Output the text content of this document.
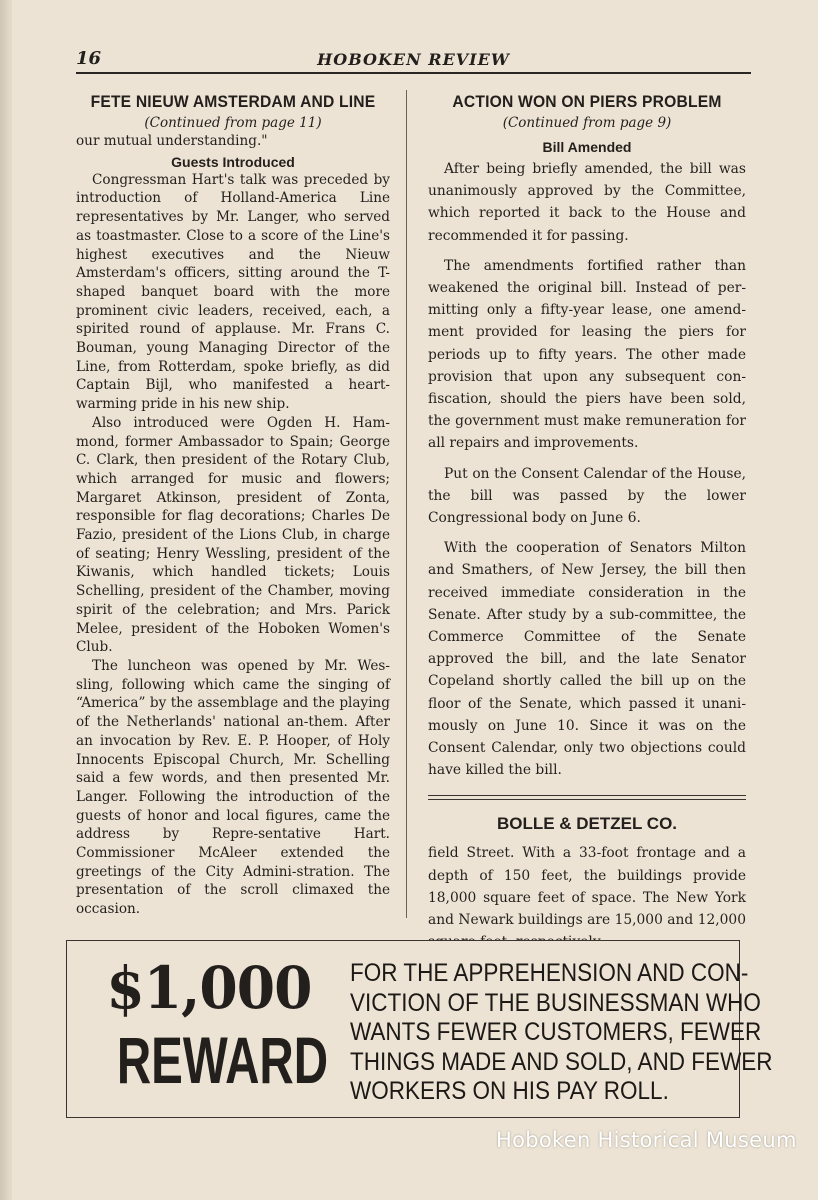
16	HOBOKEN REVIEW
FETE NIEUW AMSTERDAM AND LINE
(Continued from page 11)

our mutual understanding."

Guests Introduced

Congressman Hart's talk was preceded by introduction of Holland-America Line representatives by Mr. Langer, who served as toastmaster. Close to a score of the Line's highest executives and the Nieuw Amsterdam's officers, sitting around the T-shaped banquet board with the more prominent civic leaders, received, each, a spirited round of applause. Mr. Frans C. Bouman, young Managing Director of the Line, from Rotterdam, spoke briefly, as did Captain Bijl, who manifested a heart-warming pride in his new ship.

Also introduced were Ogden H. Ham-mond, former Ambassador to Spain; George C. Clark, then president of the Rotary Club, which arranged for music and flowers; Margaret Atkinson, president of Zonta, responsible for flag decorations; Charles De Fazio, president of the Lions Club, in charge of seating; Henry Wessling, president of the Kiwanis, which handled tickets; Louis Schelling, president of the Chamber, moving spirit of the celebration; and Mrs. Parick Melee, president of the Hoboken Women's Club.

The luncheon was opened by Mr. Wes-sling, following which came the singing of “America” by the assemblage and the playing of the Netherlands' national an-them. After an invocation by Rev. E. P. Hooper, of Holy Innocents Episcopal Church, Mr. Schelling said a few words, and then presented Mr. Langer. Following the introduction of the guests of honor and local figures, came the address by Repre-sentative Hart. Commissioner McAleer extended the greetings of the City Admini-stration. The presentation of the scroll climaxed the occasion.

ACTION WON ON PIERS PROBLEM
(Continued from page 9)
Bill Amended

After being briefly amended, the bill was unanimously approved by the Committee, which reported it back to the House and recommended it for passing.

The amendments fortified rather than weakened the original bill. Instead of per-mitting only a fifty-year lease, one amend-ment provided for leasing the piers for periods up to fifty years. The other made provision that upon any subsequent con-fiscation, should the piers have been sold, the government must make remuneration for all repairs and improvements.

Put on the Consent Calendar of the House, the bill was passed by the lower Congressional body on June 6.

With the cooperation of Senators Milton and Smathers, of New Jersey, the bill then received immediate consideration in the Senate. After study by a sub-committee, the Commerce Committee of the Senate approved the bill, and the late Senator Copeland shortly called the bill up on the floor of the Senate, which passed it unani-mously on June 10. Since it was on the Consent Calendar, only two objections could have killed the bill.

BOLLE & DETZEL CO.

field Street. With a 33-foot frontage and a depth of 150 feet, the buildings provide 18,000 square feet of space. The New York and Newark buildings are 15,000 and 12,000

$1,000
REWARD
FOR THE APPREHENSION AND CON-
VICTION OF THE BUSINESSMAN WHO
WANTS FEWER CUSTOMERS, FEWER
THINGS MADE AND SOLD, AND FEWER
WORKERS ON HIS PAY ROLL.
Hoboken Historical Museum
